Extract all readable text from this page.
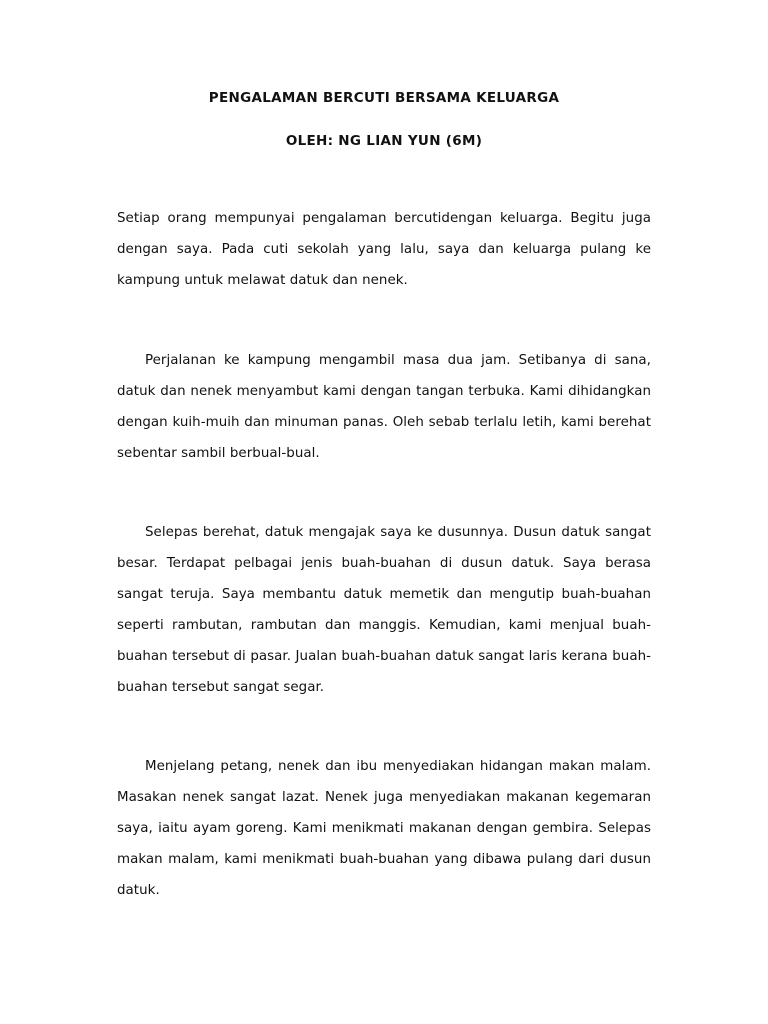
PENGALAMAN BERCUTI BERSAMA KELUARGA
OLEH: NG LIAN YUN (6M)

Setiap orang mempunyai pengalaman bercutidengan keluarga. Begitu juga dengan saya. Pada cuti sekolah yang lalu, saya dan keluarga pulang ke kampung untuk melawat datuk dan nenek.

Perjalanan ke kampung mengambil masa dua jam. Setibanya di sana, datuk dan nenek menyambut kami dengan tangan terbuka. Kami dihidangkan dengan kuih-muih dan minuman panas. Oleh sebab terlalu letih, kami berehat sebentar sambil berbual-bual.

Selepas berehat, datuk mengajak saya ke dusunnya. Dusun datuk sangat besar. Terdapat pelbagai jenis buah-buahan di dusun datuk. Saya berasa sangat teruja. Saya membantu datuk memetik dan mengutip buah-buahan seperti rambutan, rambutan dan manggis. Kemudian, kami menjual buah-buahan tersebut di pasar. Jualan buah-buahan datuk sangat laris kerana buah-buahan tersebut sangat segar.

Menjelang petang, nenek dan ibu menyediakan hidangan makan malam. Masakan nenek sangat lazat. Nenek juga menyediakan makanan kegemaran saya, iaitu ayam goreng. Kami menikmati makanan dengan gembira. Selepas makan malam, kami menikmati buah-buahan yang dibawa pulang dari dusun datuk.
